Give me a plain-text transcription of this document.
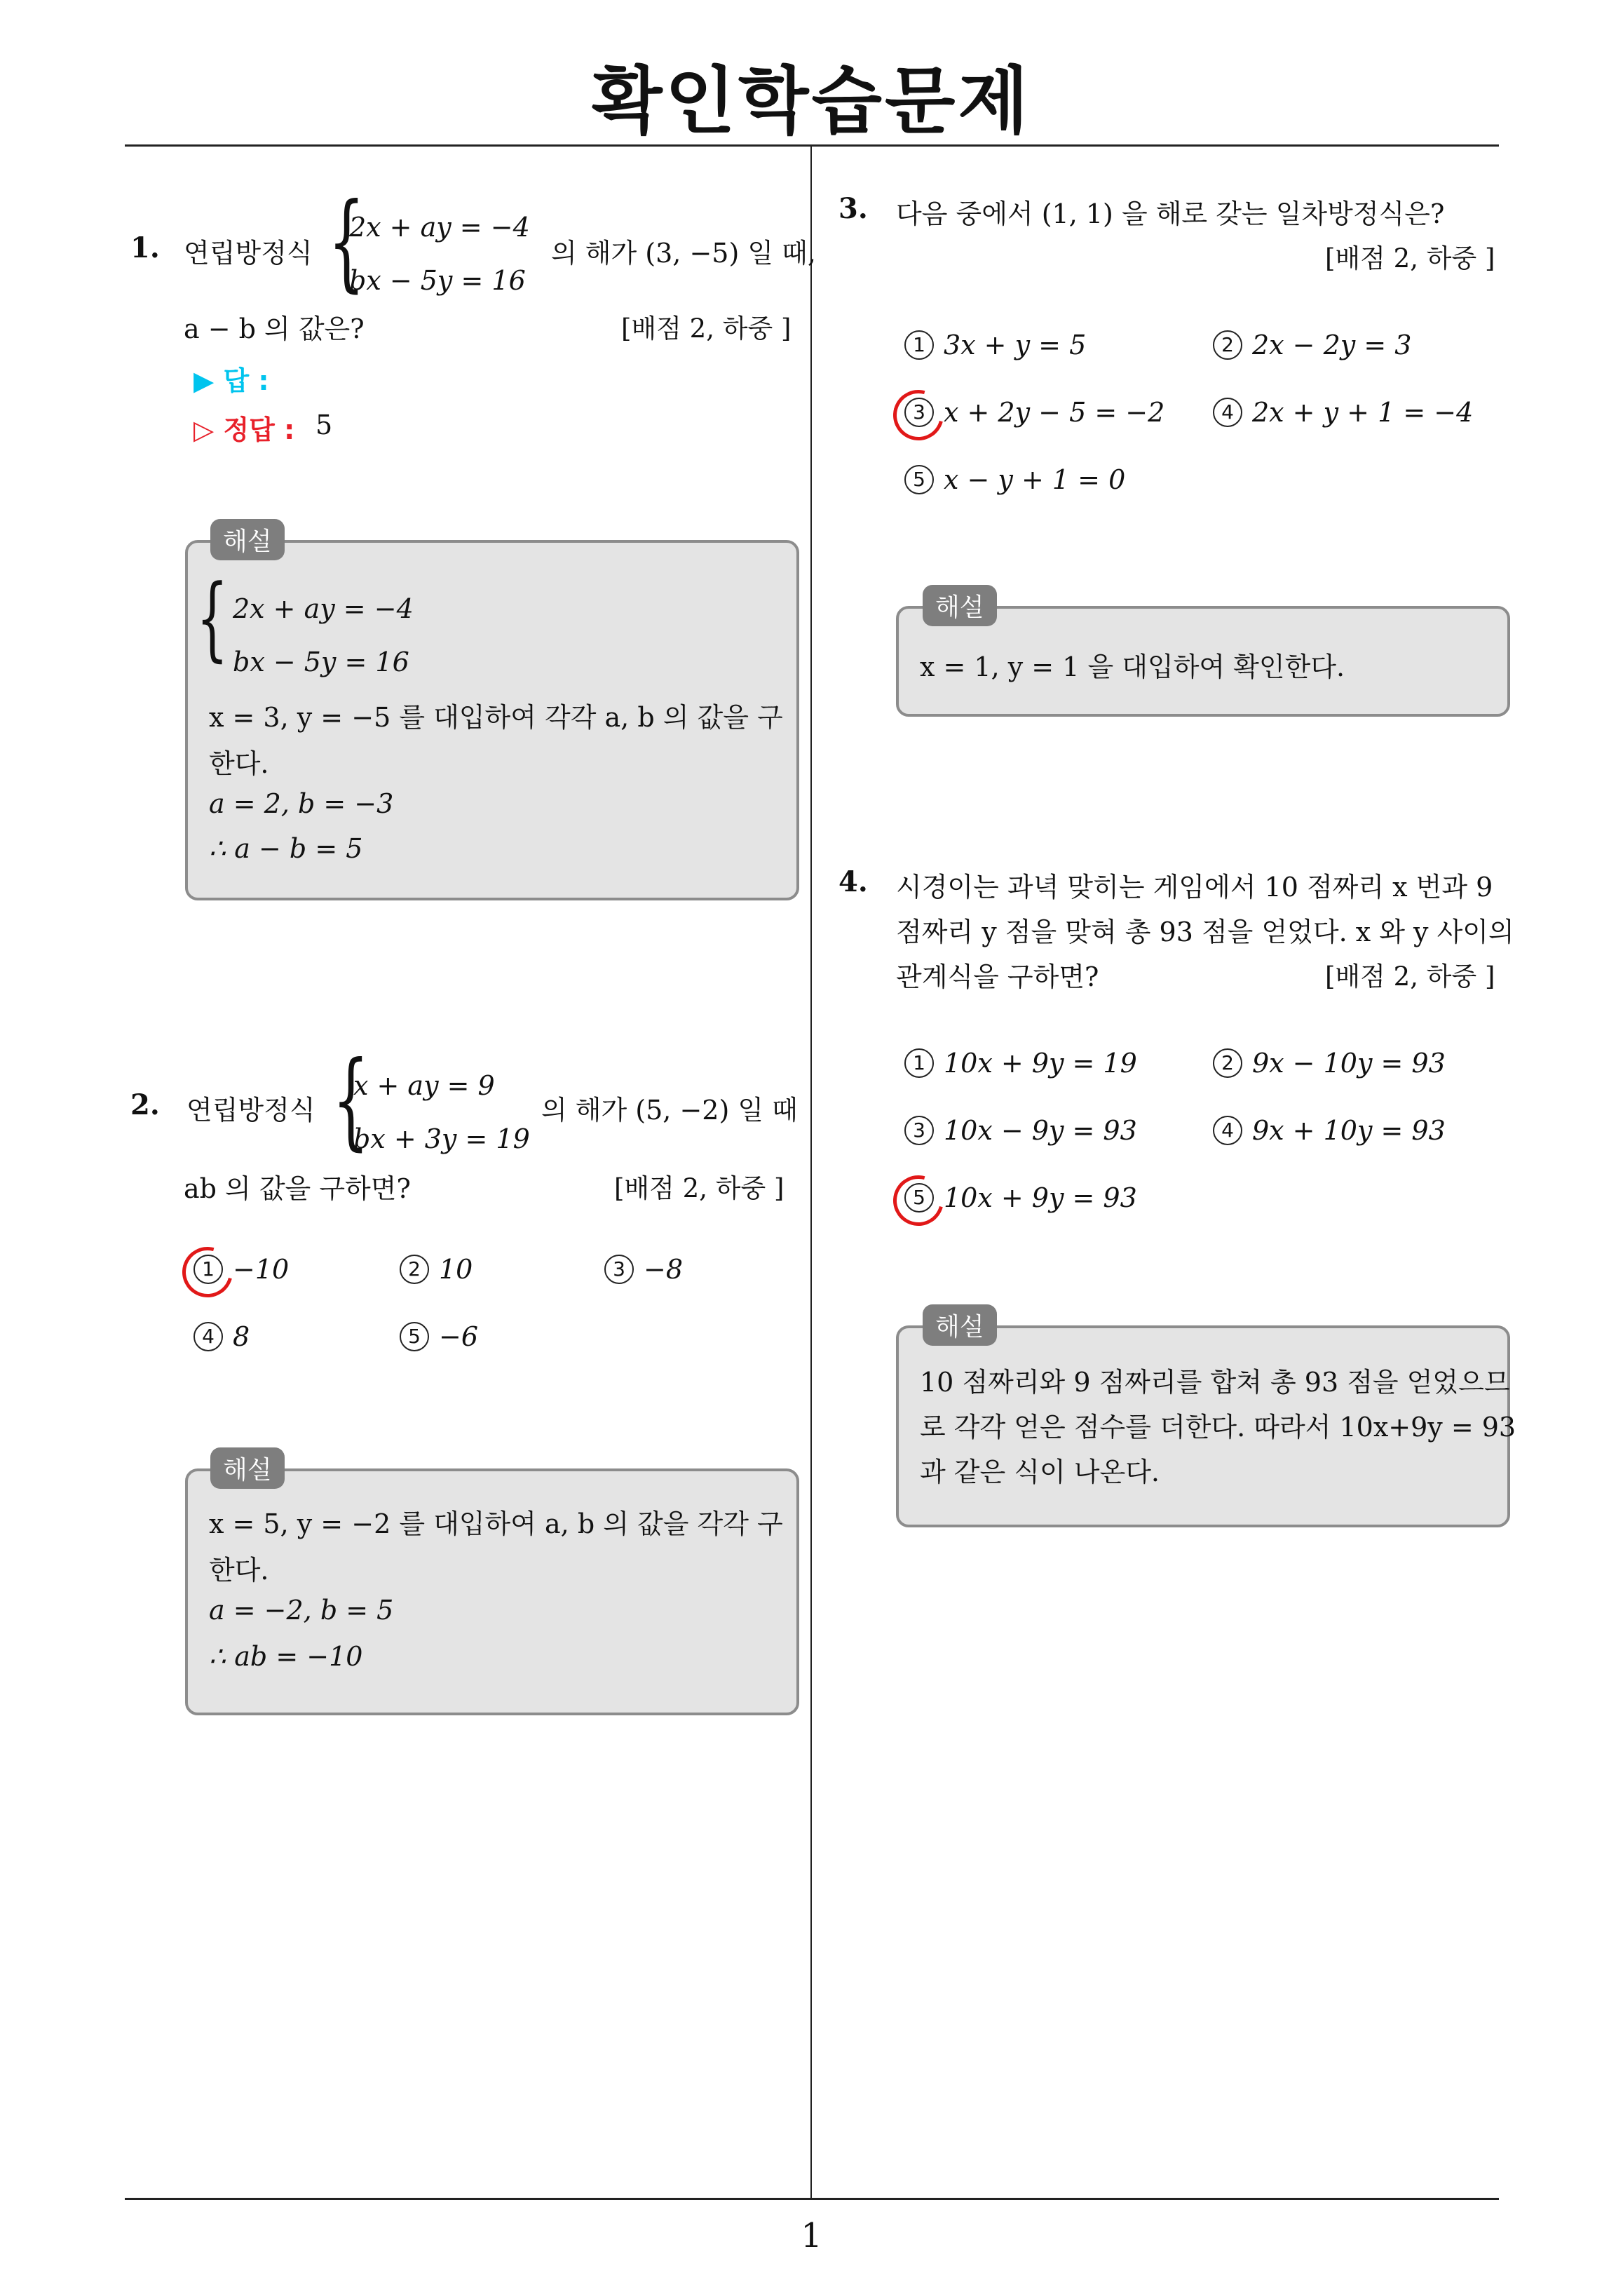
확인학습문제
1
1. 연립방정식 {
2x + ay = −4
bx − 5y = 16
의 해가 (3, −5) 일 때,
a − b 의 값은?	[배점 2, 하중 ]
▶ 답 :
▷ 정답 : 5
{ 2x + ay = −4
bx − 5y = 16
x = 3, y = −5 를 대입하여 각각 a, b 의 값을 구
한다.
a = 2, b = −3
∴ a − b = 5
해설
2. 연립방정식 {
x + ay = 9
bx + 3y = 19
의 해가 (5, −2) 일 때
ab 의 값을 구하면?	[배점 2, 하중 ]
1 −10	2 10	3 −8
4 8	5 −6
x = 5, y = −2 를 대입하여 a, b 의 값을 각각 구
한다.
a = −2, b = 5
∴ ab = −10
해설
3. 다음 중에서 (1, 1) 을 해로 갖는 일차방정식은?
[배점 2, 하중 ]
1 3x + y = 5	2 2x − 2y = 3
3 x + 2y − 5 = −2	4 2x + y + 1 = −4
5 x − y + 1 = 0
x = 1, y = 1 을 대입하여 확인한다.
해설
4. 시경이는 과녁 맞히는 게임에서 10 점짜리 x 번과 9
점짜리 y 점을 맞혀 총 93 점을 얻었다. x 와 y 사이의
관계식을 구하면?	[배점 2, 하중 ]
1 10x + 9y = 19	2 9x − 10y = 93
3 10x − 9y = 93	4 9x + 10y = 93
5 10x + 9y = 93
10 점짜리와 9 점짜리를 합쳐 총 93 점을 얻었으므
로 각각 얻은 점수를 더한다. 따라서 10x+9y = 93
과 같은 식이 나온다.
해설
